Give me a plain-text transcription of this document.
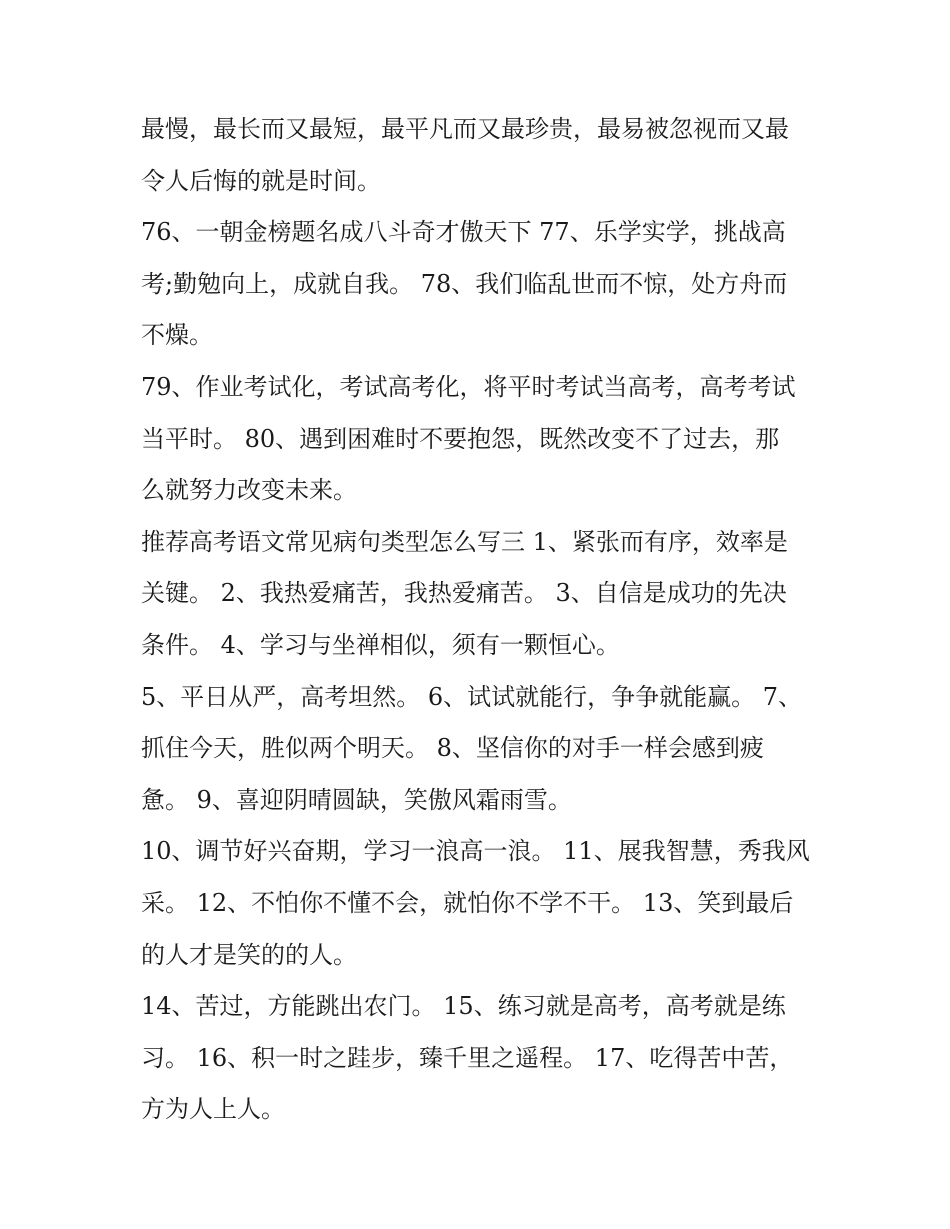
最慢，最长而又最短，最平凡而又最珍贵，最易被忽视而又最
令人后悔的就是时间。
76、一朝金榜题名成八斗奇才傲天下 77、乐学实学，挑战高
考;勤勉向上，成就自我。 78、我们临乱世而不惊，处方舟而
不燥。
79、作业考试化，考试高考化，将平时考试当高考，高考考试
当平时。 80、遇到困难时不要抱怨，既然改变不了过去，那
么就努力改变未来。
推荐高考语文常见病句类型怎么写三 1、紧张而有序，效率是
关键。 2、我热爱痛苦，我热爱痛苦。 3、自信是成功的先决
条件。 4、学习与坐禅相似，须有一颗恒心。
5、平日从严，高考坦然。 6、试试就能行，争争就能赢。 7、
抓住今天，胜似两个明天。 8、坚信你的对手一样会感到疲
惫。 9、喜迎阴晴圆缺，笑傲风霜雨雪。
10、调节好兴奋期，学习一浪高一浪。 11、展我智慧，秀我风
采。 12、不怕你不懂不会，就怕你不学不干。 13、笑到最后
的人才是笑的的人。
14、苦过，方能跳出农门。 15、练习就是高考，高考就是练
习。 16、积一时之跬步，臻千里之遥程。 17、吃得苦中苦，
方为人上人。
